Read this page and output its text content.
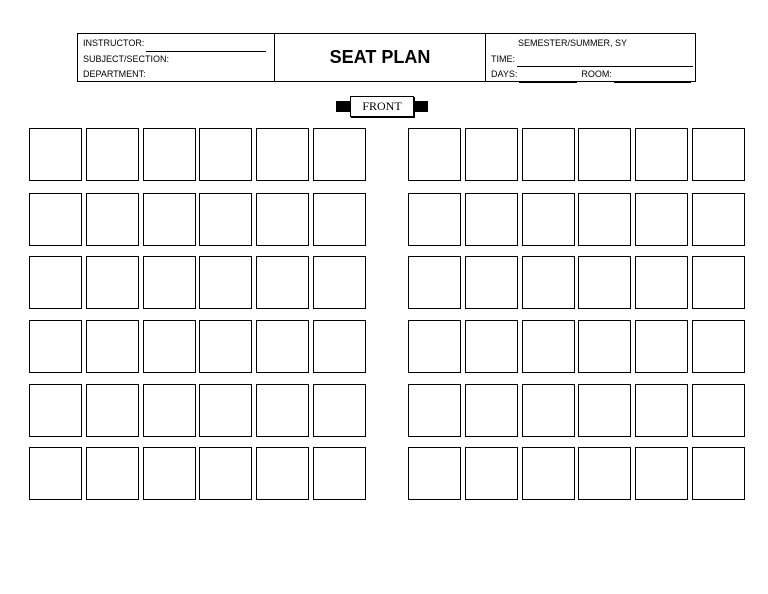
INSTRUCTOR:
SUBJECT/SECTION:
DEPARTMENT:
SEAT PLAN
SEMESTER/SUMMER, SY
TIME:
DAYS:	ROOM:
FRONT
